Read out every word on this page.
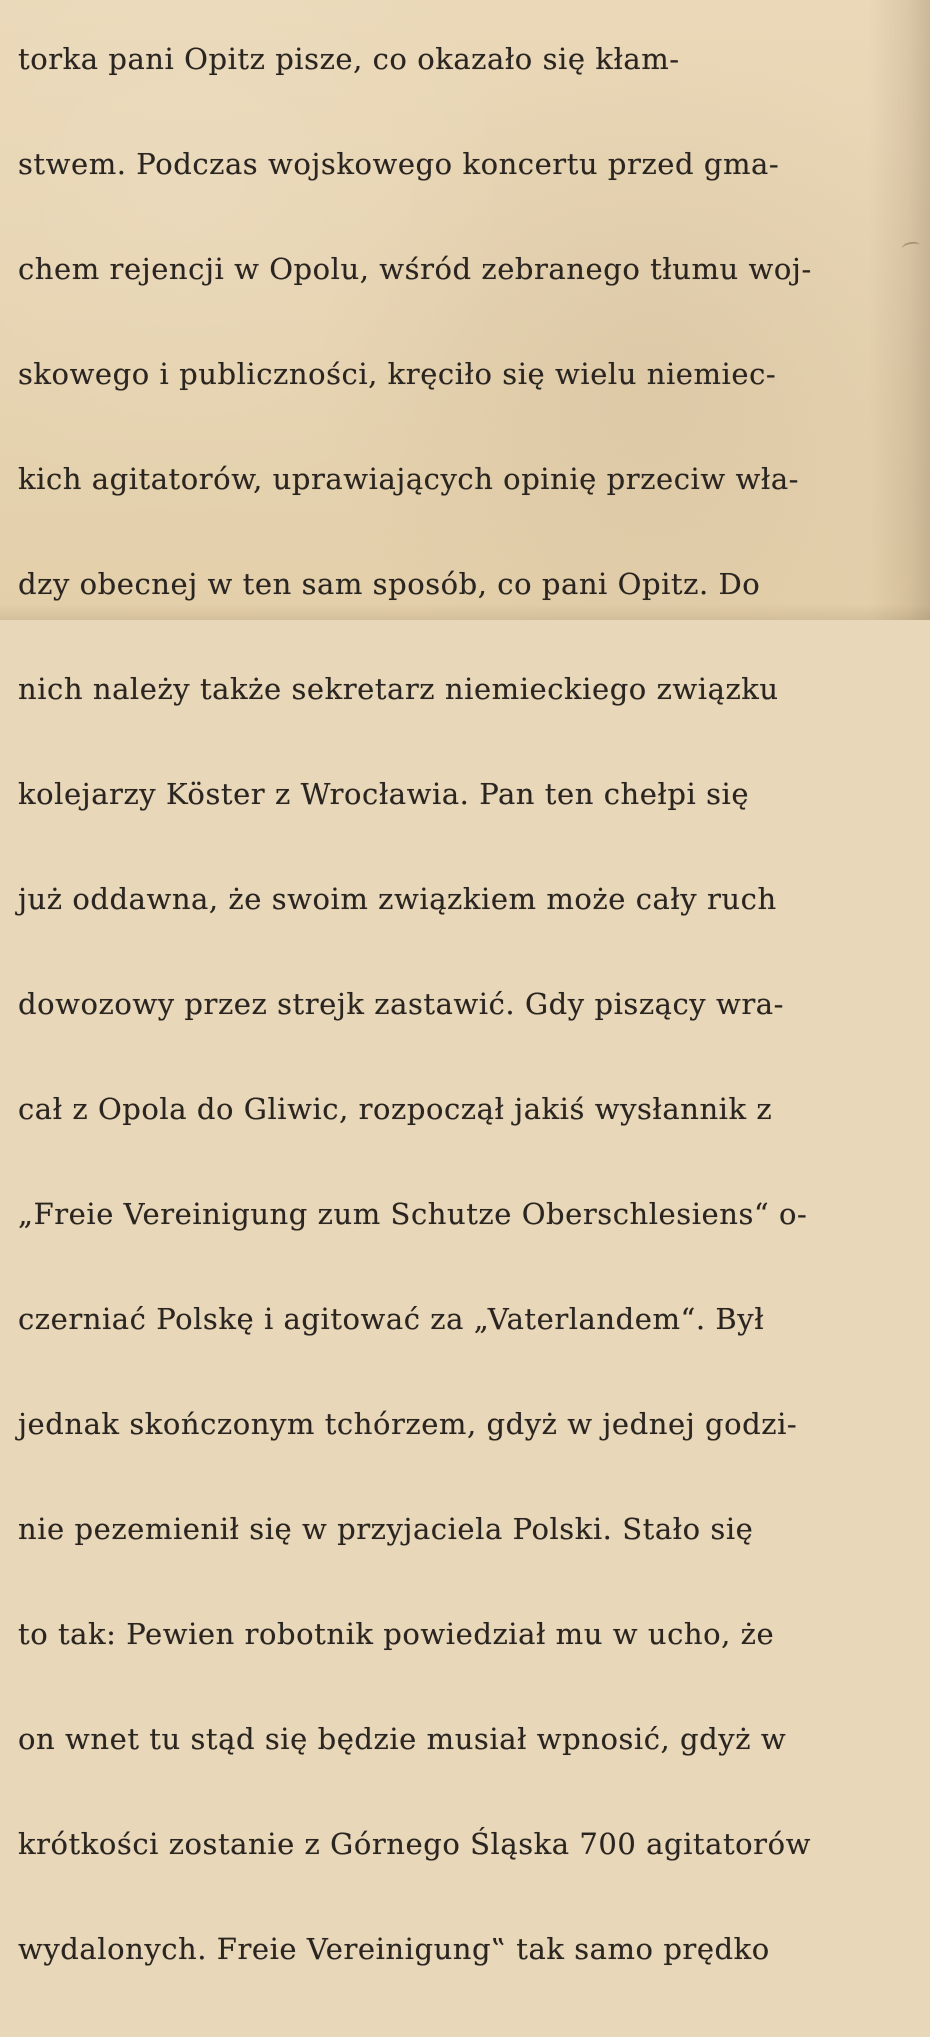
torka pani Opitz pisze, co okazało się kłam-

stwem. Podczas wojskowego koncertu przed gma-

chem rejencji w Opolu, wśród zebranego tłumu woj-

skowego i publiczności, kręciło się wielu niemiec-

kich agitatorów, uprawiających opinię przeciw wła-

dzy obecnej w ten sam sposób, co pani Opitz. Do

nich należy także sekretarz niemieckiego związku

kolejarzy Köster z Wrocławia. Pan ten chełpi się

już oddawna, że swoim związkiem może cały ruch

dowozowy przez strejk zastawić. Gdy piszący wra-

cał z Opola do Gliwic, rozpoczął jakiś wysłannik z

„Freie Vereinigung zum Schutze Oberschlesiens“ o-

czerniać Polskę i agitować za „Vaterlandem“. Był

jednak skończonym tchórzem, gdyż w jednej godzi-

nie pezemienił się w przyjaciela Polski. Stało się

to tak: Pewien robotnik powiedział mu w ucho, że

on wnet tu stąd się będzie musiał wpnosić, gdyż w

krótkości zostanie z Górnego Śląska 700 agitatorów

wydalonych. Freie Vereinigung‟ tak samo prędko
